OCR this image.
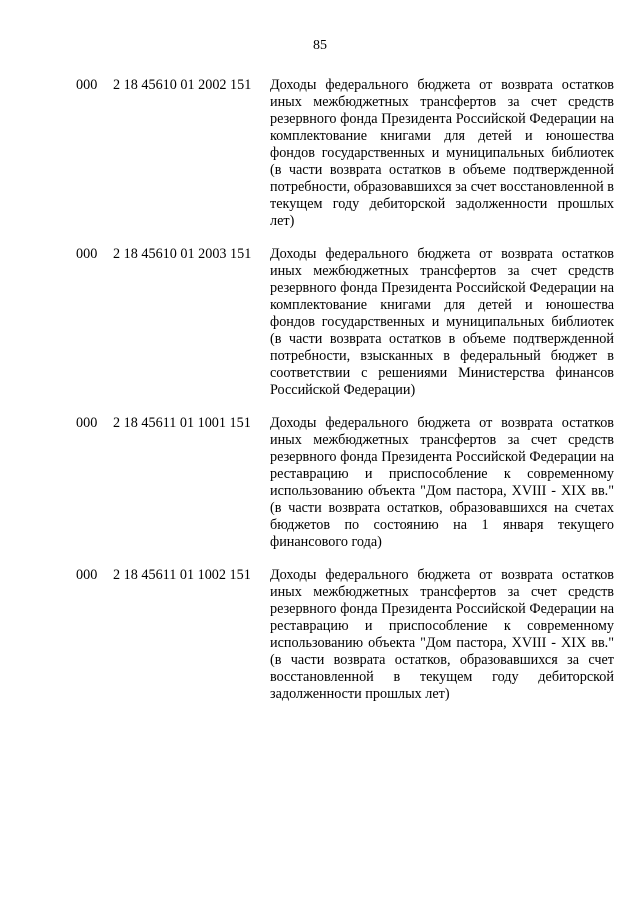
85
000	2 18 45610 01 2002 151	Доходы федерального бюджета от возврата остатков иных межбюджетных трансфертов за счет средств резервного фонда Президента Российской Федерации на комплектование книгами для детей и юношества фондов государственных и муниципальных библиотек (в части возврата остатков в объеме подтвержденной потребности, образовавшихся за счет восстановленной в текущем году дебиторской задолженности прошлых лет)
000	2 18 45610 01 2003 151	Доходы федерального бюджета от возврата остатков иных межбюджетных трансфертов за счет средств резервного фонда Президента Российской Федерации на комплектование книгами для детей и юношества фондов государственных и муниципальных библиотек (в части возврата остатков в объеме подтвержденной потребности, взысканных в федеральный бюджет в соответствии с решениями Министерства финансов Российской Федерации)
000	2 18 45611 01 1001 151	Доходы федерального бюджета от возврата остатков иных межбюджетных трансфертов за счет средств резервного фонда Президента Российской Федерации на реставрацию и приспособление к современному использованию объекта "Дом пастора, XVIII - XIX вв." (в части возврата остатков, образовавшихся на счетах бюджетов по состоянию на 1 января текущего финансового года)
000	2 18 45611 01 1002 151	Доходы федерального бюджета от возврата остатков иных межбюджетных трансфертов за счет средств резервного фонда Президента Российской Федерации на реставрацию и приспособление к современному использованию объекта "Дом пастора, XVIII - XIX вв." (в части возврата остатков, образовавшихся за счет восстановленной в текущем году дебиторской задолженности прошлых лет)
